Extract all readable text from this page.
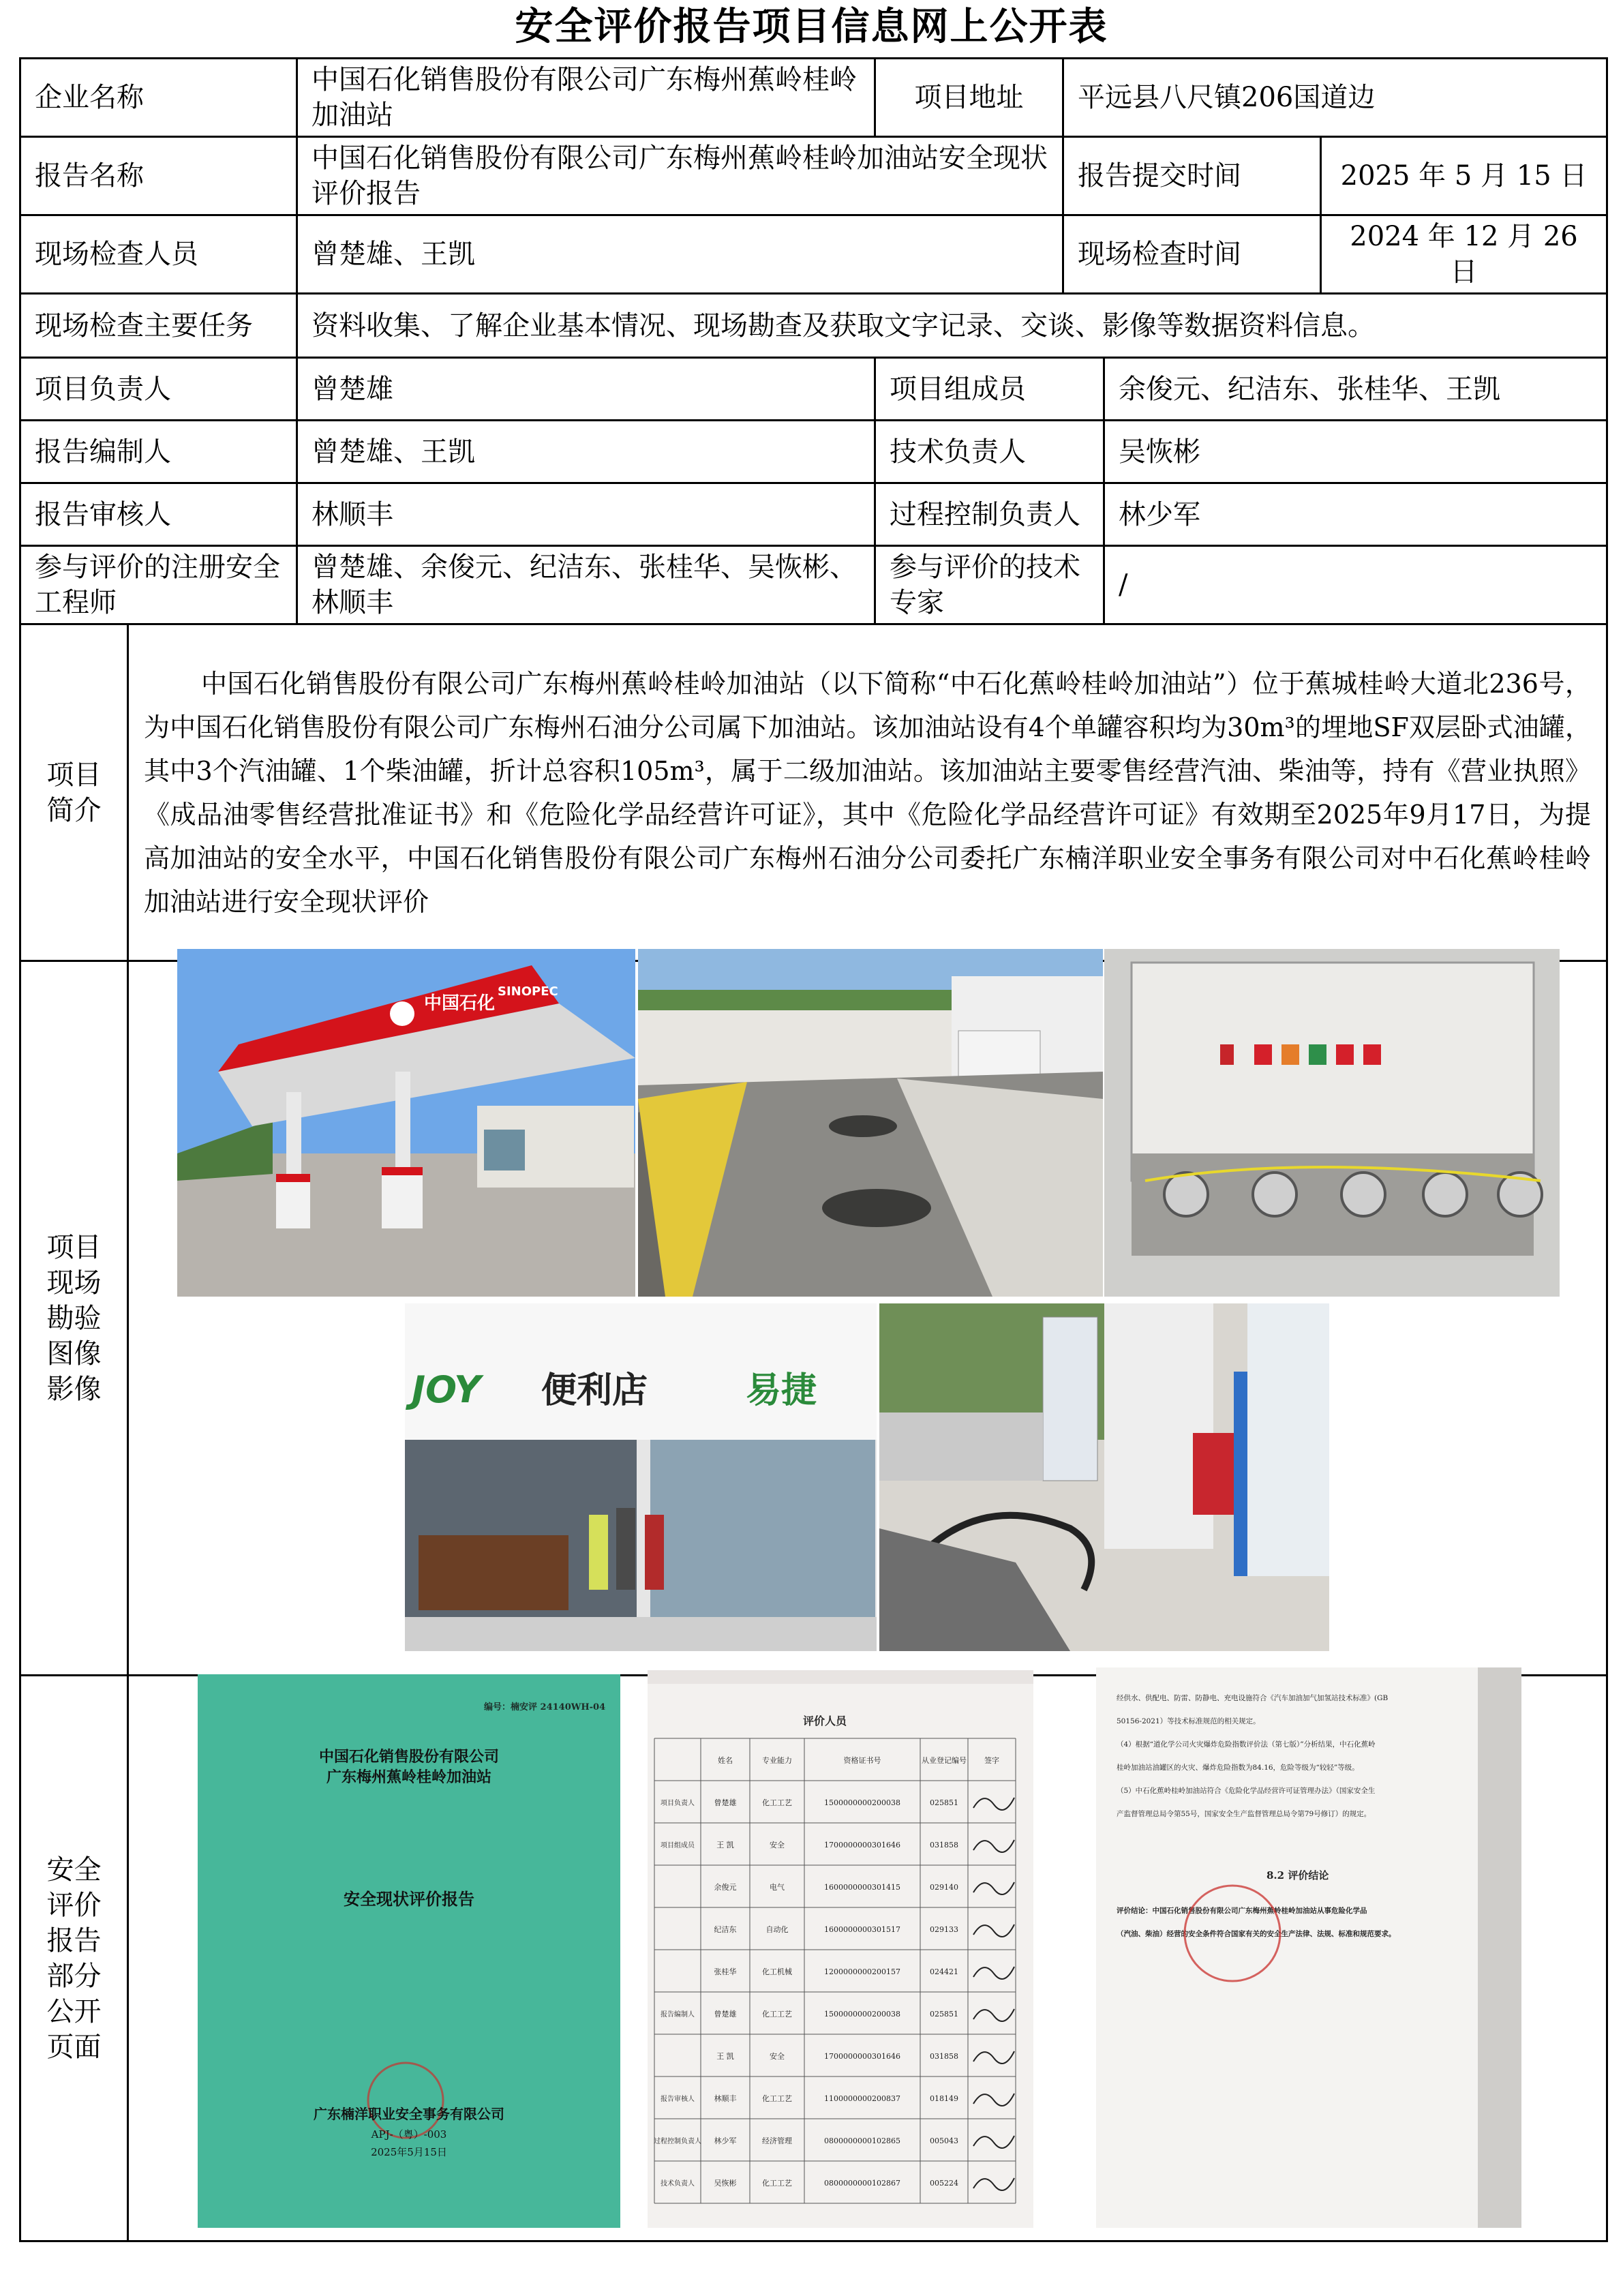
安全评价报告项目信息网上公开表
企业名称		中国石化销售股份有限公司广东梅州蕉岭桂岭加油站	项目地址	平远县八尺镇206国道边		
报告名称		中国石化销售股份有限公司广东梅州蕉岭桂岭加油站安全现状评价报告		报告提交时间		2025 年 5 月 15 日
现场检查人员		曾楚雄、王凯		现场检查时间		2024 年 12 月 26 日
现场检查主要任务		资料收集、了解企业基本情况、现场勘查及获取文字记录、交谈、影像等数据资料信息。				
项目负责人		曾楚雄	项目组成员		余俊元、纪洁东、张桂华、王凯	
报告编制人		曾楚雄、王凯	技术负责人		吴恢彬	
报告审核人		林顺丰	过程控制负责人		林少军	
参与评价的注册安全工程师		曾楚雄、余俊元、纪洁东、张桂华、吴恢彬、林顺丰	参与评价的技术专家		/	

项目简介	中国石化销售股份有限公司广东梅州蕉岭桂岭加油站（以下简称“中石化蕉岭桂岭加油站”）位于蕉城桂岭大道北236号，为中国石化销售股份有限公司广东梅州石油分公司属下加油站。该加油站设有4个单罐容积均为30m³的埋地SF双层卧式油罐，其中3个汽油罐、1个柴油罐，折计总容积105m³，属于二级加油站。该加油站主要零售经营汽油、柴油等，持有《营业执照》《成品油零售经营批准证书》和《危险化学品经营许可证》，其中《危险化学品经营许可证》有效期至2025年9月17日，为提高加油站的安全水平，中国石化销售股份有限公司广东梅州石油分公司委托广东楠洋职业安全事务有限公司对中石化蕉岭桂岭加油站进行安全现状评价					

项目现场勘验图像影像						

安全评价报告部分公开页面						

中国石化
SINOPEC
JOY 便利店	易捷
编号：楠安评 24140WH-04
中国石化销售股份有限公司
广东梅州蕉岭桂岭加油站
安全现状评价报告
广东楠洋职业安全事务有限公司
APJ-（粤）-003
2025年5月15日
评价人员
姓名	专业能力	资格证书号	从业登记编号 签字
项目负责人	曾楚雄	化工工艺	1500000000200038	025851
项目组成员	王 凯	安全	1700000000301646	031858
余俊元	电气	1600000000301415	029140
纪洁东	自动化	1600000000301517	029133
张桂华	化工机械	1200000000200157	024421
报告编制人	曾楚雄	化工工艺	1500000000200038	025851
王 凯	安全	1700000000301646	031858
报告审核人	林顺丰	化工工艺	1100000000200837	018149
过程控制负责人 林少军	经济管理	0800000000102865	005043
技术负责人	吴恢彬	化工工艺	0800000000102867	005224
经供水、供配电、防雷、防静电、充电设施符合《汽车加油加气加氢站技术标准》(GB
50156-2021）等技术标准规范的相关规定。
（4）根据“道化学公司火灾爆炸危险指数评价法（第七版）”分析结果，中石化蕉岭
桂岭加油站油罐区的火灾、爆炸危险指数为84.16，危险等级为“较轻”等级。
（5）中石化蕉岭桂岭加油站符合《危险化学品经营许可证管理办法》（国家安全生
产监督管理总局令第55号，国家安全生产监督管理总局令第79号修订）的规定。
评价结论：中国石化销售股份有限公司广东梅州蕉岭桂岭加油站从事危险化学品
（汽油、柴油）经营的安全条件符合国家有关的安全生产法律、法规、标准和规范要求。
8.2 评价结论
